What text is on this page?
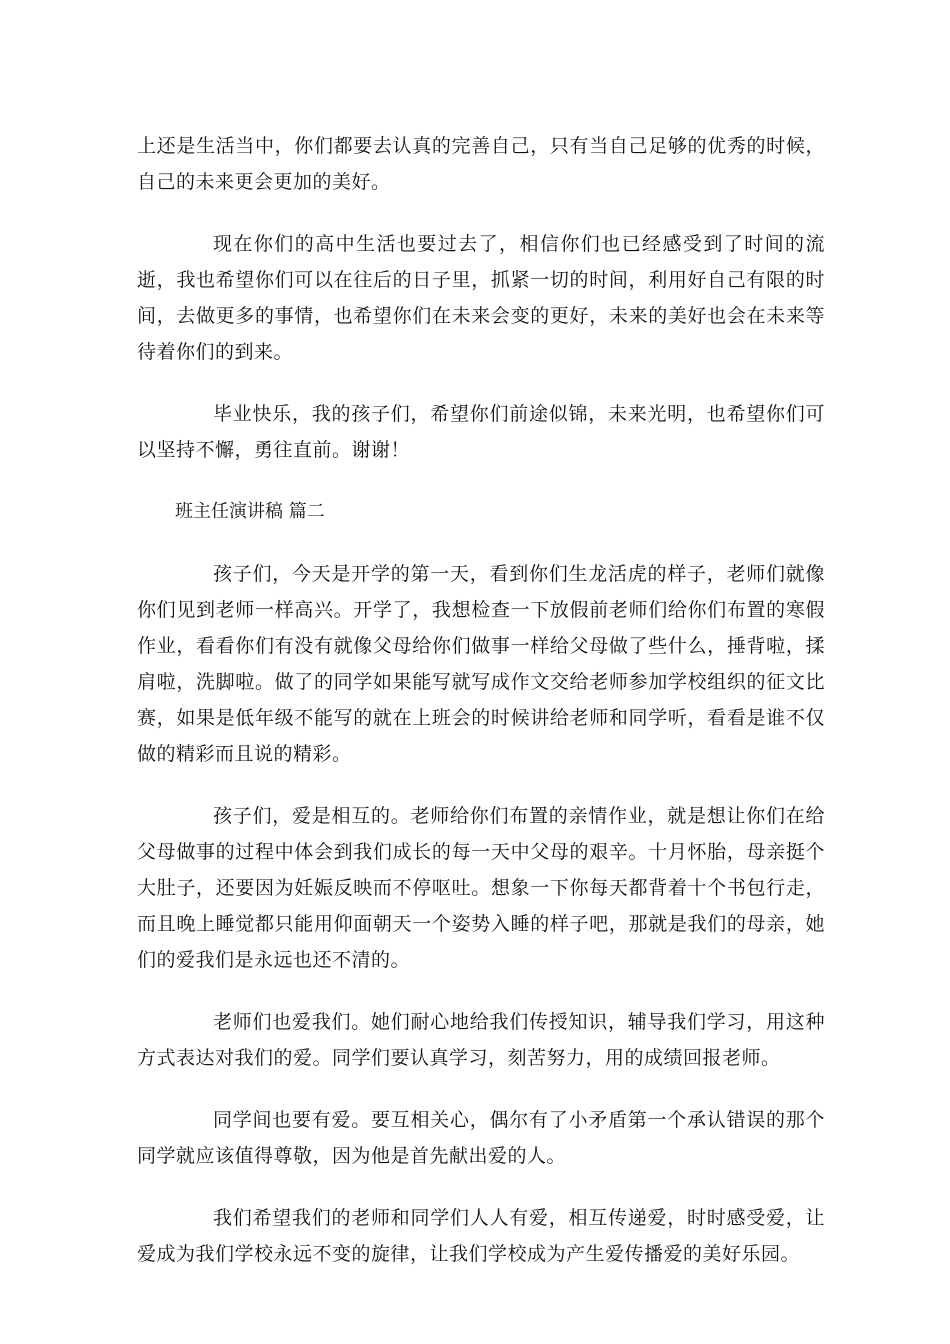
上还是生活当中，你们都要去认真的完善自己，只有当自己足够的优秀的时候，自己的未来更会更加的美好。

现在你们的高中生活也要过去了，相信你们也已经感受到了时间的流逝，我也希望你们可以在往后的日子里，抓紧一切的时间，利用好自己有限的时间，去做更多的事情，也希望你们在未来会变的更好，未来的美好也会在未来等待着你们的到来。

毕业快乐，我的孩子们，希望你们前途似锦，未来光明，也希望你们可以坚持不懈，勇往直前。谢谢！

班主任演讲稿 篇二

孩子们，今天是开学的第一天，看到你们生龙活虎的样子，老师们就像你们见到老师一样高兴。开学了，我想检查一下放假前老师们给你们布置的寒假作业，看看你们有没有就像父母给你们做事一样给父母做了些什么，捶背啦，揉肩啦，洗脚啦。做了的同学如果能写就写成作文交给老师参加学校组织的征文比赛，如果是低年级不能写的就在上班会的时候讲给老师和同学听，看看是谁不仅做的精彩而且说的精彩。

孩子们，爱是相互的。老师给你们布置的亲情作业，就是想让你们在给父母做事的过程中体会到我们成长的每一天中父母的艰辛。十月怀胎，母亲挺个大肚子，还要因为妊娠反映而不停呕吐。想象一下你每天都背着十个书包行走，而且晚上睡觉都只能用仰面朝天一个姿势入睡的样子吧，那就是我们的母亲，她们的爱我们是永远也还不清的。

老师们也爱我们。她们耐心地给我们传授知识，辅导我们学习，用这种方式表达对我们的爱。同学们要认真学习，刻苦努力，用的成绩回报老师。

同学间也要有爱。要互相关心，偶尔有了小矛盾第一个承认错误的那个同学就应该值得尊敬，因为他是首先献出爱的人。

我们希望我们的老师和同学们人人有爱，相互传递爱，时时感受爱，让爱成为我们学校永远不变的旋律，让我们学校成为产生爱传播爱的美好乐园。
